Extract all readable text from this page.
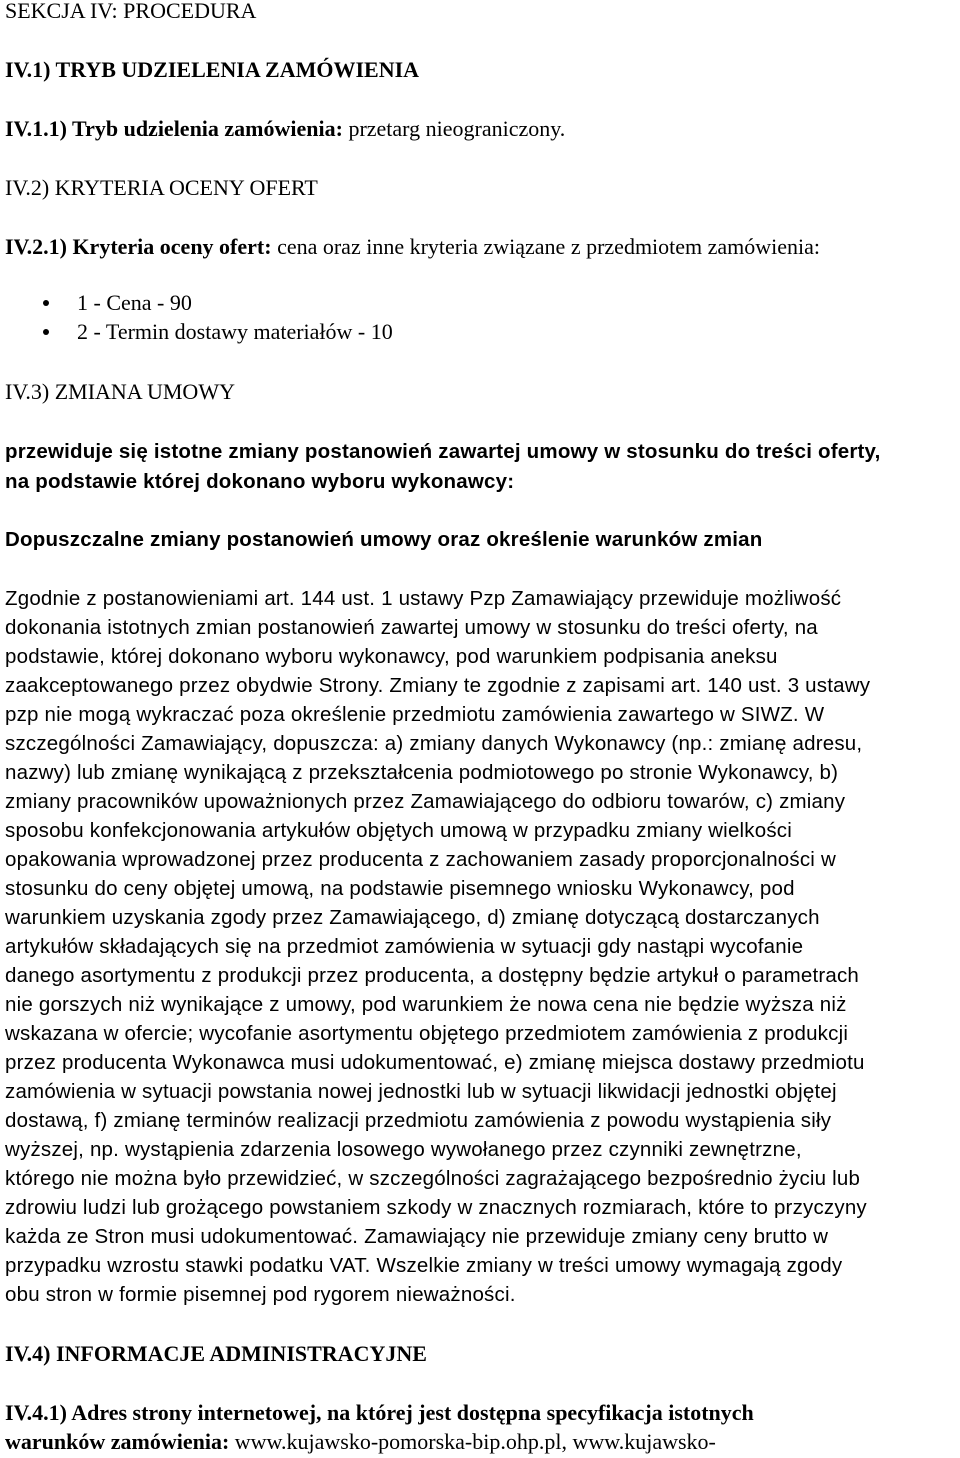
SEKCJA IV: PROCEDURA
IV.1) TRYB UDZIELENIA ZAMÓWIENIA
IV.1.1) Tryb udzielenia zamówienia: przetarg nieograniczony.
IV.2) KRYTERIA OCENY OFERT
IV.2.1) Kryteria oceny ofert: cena oraz inne kryteria związane z przedmiotem zamówienia:
1 - Cena - 90
2 - Termin dostawy materiałów - 10
IV.3) ZMIANA UMOWY
przewiduje się istotne zmiany postanowień zawartej umowy w stosunku do treści oferty,
na podstawie której dokonano wyboru wykonawcy:
Dopuszczalne zmiany postanowień umowy oraz określenie warunków zmian
Zgodnie z postanowieniami art. 144 ust. 1 ustawy Pzp Zamawiający przewiduje możliwość
dokonania istotnych zmian postanowień zawartej umowy w stosunku do treści oferty, na
podstawie, której dokonano wyboru wykonawcy, pod warunkiem podpisania aneksu
zaakceptowanego przez obydwie Strony. Zmiany te zgodnie z zapisami art. 140 ust. 3 ustawy
pzp nie mogą wykraczać poza określenie przedmiotu zamówienia zawartego w SIWZ. W
szczególności Zamawiający, dopuszcza: a) zmiany danych Wykonawcy (np.: zmianę adresu,
nazwy) lub zmianę wynikającą z przekształcenia podmiotowego po stronie Wykonawcy, b)
zmiany pracowników upoważnionych przez Zamawiającego do odbioru towarów, c) zmiany
sposobu konfekcjonowania artykułów objętych umową w przypadku zmiany wielkości
opakowania wprowadzonej przez producenta z zachowaniem zasady proporcjonalności w
stosunku do ceny objętej umową, na podstawie pisemnego wniosku Wykonawcy, pod
warunkiem uzyskania zgody przez Zamawiającego, d) zmianę dotyczącą dostarczanych
artykułów składających się na przedmiot zamówienia w sytuacji gdy nastąpi wycofanie
danego asortymentu z produkcji przez producenta, a dostępny będzie artykuł o parametrach
nie gorszych niż wynikające z umowy, pod warunkiem że nowa cena nie będzie wyższa niż
wskazana w ofercie; wycofanie asortymentu objętego przedmiotem zamówienia z produkcji
przez producenta Wykonawca musi udokumentować, e) zmianę miejsca dostawy przedmiotu
zamówienia w sytuacji powstania nowej jednostki lub w sytuacji likwidacji jednostki objętej
dostawą, f) zmianę terminów realizacji przedmiotu zamówienia z powodu wystąpienia siły
wyższej, np. wystąpienia zdarzenia losowego wywołanego przez czynniki zewnętrzne,
którego nie można było przewidzieć, w szczególności zagrażającego bezpośrednio życiu lub
zdrowiu ludzi lub grożącego powstaniem szkody w znacznych rozmiarach, które to przyczyny
każda ze Stron musi udokumentować. Zamawiający nie przewiduje zmiany ceny brutto w
przypadku wzrostu stawki podatku VAT. Wszelkie zmiany w treści umowy wymagają zgody
obu stron w formie pisemnej pod rygorem nieważności.
IV.4) INFORMACJE ADMINISTRACYJNE
IV.4.1) Adres strony internetowej, na której jest dostępna specyfikacja istotnych
warunków zamówienia: www.kujawsko-pomorska-bip.ohp.pl, www.kujawsko-
